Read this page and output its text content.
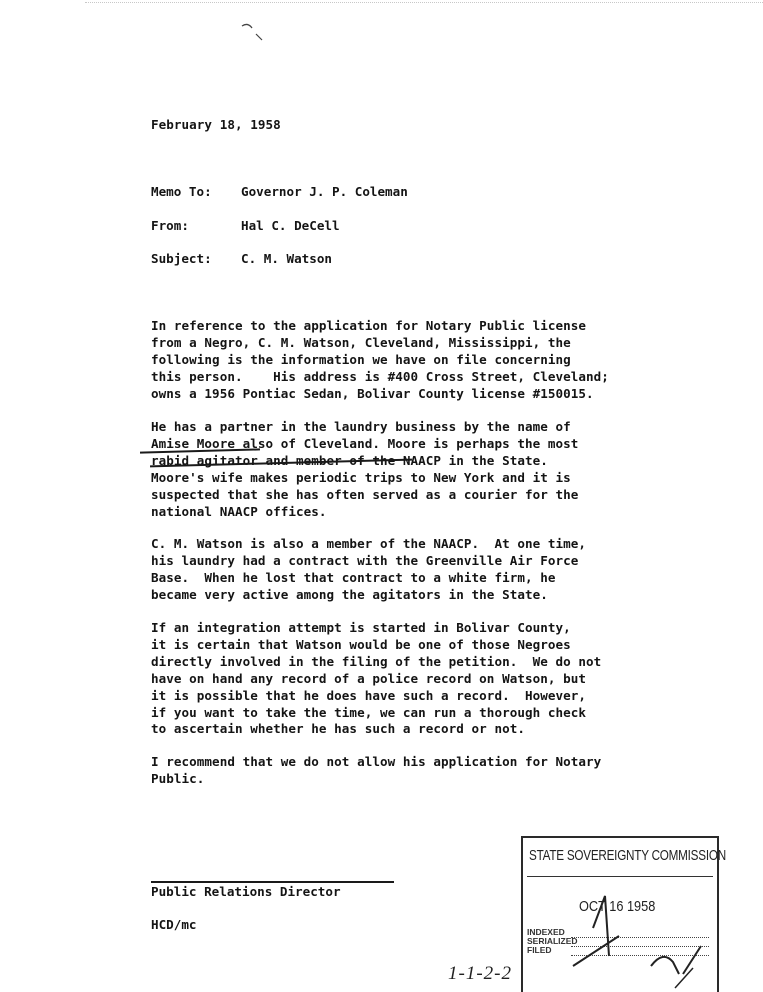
February 18, 1958
Memo To: Governor J. P. Coleman
From:	Hal C. DeCell
Subject: C. M. Watson
In reference to the application for Notary Public license
from a Negro, C. M. Watson, Cleveland, Mississippi, the
following is the information we have on file concerning
this person.    His address is #400 Cross Street, Cleveland;
owns a 1956 Pontiac Sedan, Bolivar County license #150015.
He has a partner in the laundry business by the name of
Amise Moore also of Cleveland. Moore is perhaps the most
rabid agitator and member of the NAACP in the State.
Moore's wife makes periodic trips to New York and it is
suspected that she has often served as a courier for the
national NAACP offices.
C. M. Watson is also a member of the NAACP.  At one time,
his laundry had a contract with the Greenville Air Force
Base.  When he lost that contract to a white firm, he
became very active among the agitators in the State.
If an integration attempt is started in Bolivar County,
it is certain that Watson would be one of those Negroes
directly involved in the filing of the petition.  We do not
have on hand any record of a police record on Watson, but
it is possible that he does have such a record.  However,
if you want to take the time, we can run a thorough check
to ascertain whether he has such a record or not.
I recommend that we do not allow his application for Notary
Public.
Public Relations Director
HCD/mc
STATE SOVEREIGNTY COMMISSION
OCT 16 1958
INDEXED
SERIALIZED
FILED
1-1-2-2
